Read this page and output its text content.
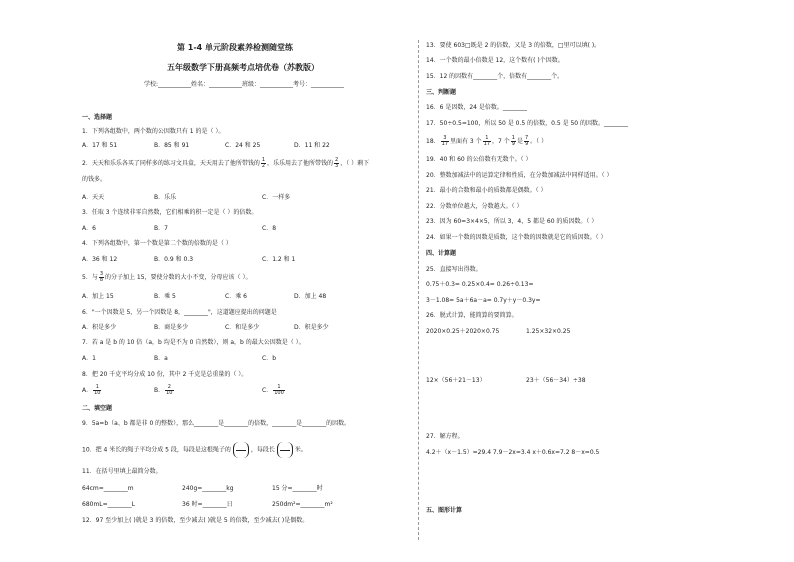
第 1-4 单元阶段素养检测随堂练
五年级数学下册高频考点培优卷（苏教版）
学校:___________姓名：___________班级：___________考号：___________
一、选择题
1．下列各组数中，两个数的公因数只有 1 的是（ ）。
A．17 和 51	B．85 和 91	C．24 和 25	D．11 和 22
2．天天和乐乐各买了同样多的练习文具盒，天天用去了他所带钱的 $\frac{1}{2}$ ，乐乐用去了他所带钱的 $\frac{2}{3}$ ，（ ）剩下
的钱多。
A．天天	B．乐乐	C．一样多
3．任取 3 个连续非零自然数，它们相乘的积一定是（ ）的倍数。
A．6	B．7	C．8
4．下列各组数中，第一个数是第二个数的倍数的是（ ）
A．36 和 12	B．0.9 和 0.3	C．1.2 和 1
5．与 $\frac{3}{8}$ 的分子加上 15，要使分数的大小不变，分母应该（ ）。
A．加上 15	B．乘 5	C．乘 6	D．加上 48
6．"一个因数是 5，另一个因数是 8，________"，这道题应提出的问题是
A．积是多少	B．商是多少	C．和是多少	D．积是多少
7．若 a 是 b 的 10 倍（a，b 均是不为 0 自然数），则 a，b 的最大公因数是（ ）。
A．1	B．a	C．b
8．把 20 千克平均分成 10 份，其中 2 千克是总重量的（ ）。
A． $\frac{1}{10}$	B． $\frac{2}{10}$	C． $\frac{1}{100}$
二、填空题
9．5a=b（a、b 都是非 0 的整数），那么________是________的倍数，________是________的因数。
10．把 4 米长的绳子平均分成 5 段，每段是这根绳子的	，每段长	米。
11．在括号里填上最简分数。
64cm=________m	240g=________kg	15 分=________时
680mL=________L	36 时=________日	250dm²=________m²
12．97 至少加上( )就是 3 的倍数，至少减去( )就是 5 的倍数，至少减去( )是偶数。
13．要使 603□既是 2 的倍数，又是 3 的倍数，□里可以填( )。
14．一个数的最小倍数是 12，这个数有( )个因数。
15．12 的因数有________个，倍数有________个。
三、判断题
16．6 是因数，24 是倍数。________
17．50÷0.5=100，所以 50 是 0.5 的倍数，0.5 是 50 的因数。________
18． $\frac{3}{17}$ 里面有 3 个 $\frac{1}{17}$ ，7 个 $\frac{1}{9}$ 是 $\frac{7}{9}$ 。（ ）
19．40 和 60 的公倍数有无数个。（ ）
20．整数加减法中的运算定律和性质，在分数加减法中同样适用。（ ）
21．最小的合数和最小的质数都是偶数。（ ）
22．分数单位越大，分数越大。（ ）
23．因为 60=3×4×5，所以 3，4，5 都是 60 的质因数。（ ）
24．如果一个数的因数是质数，这个数的因数就是它的质因数。（ ）
四、计算题
25．直接写出得数。
0.75＋0.3= 0.25×0.4= 0.26÷0.13=
3－1.08= 5a＋6a－a= 0.7y＋y－0.3y=
26．脱式计算，能简算的要简算。
2020×0.25＋2020×0.75	1.25×32×0.25
12×（56＋21－13）	23＋（56－34）÷38
27．解方程。
4.2＋（x－1.5）=29.4 7.9－2x=3.4 x＋0.6x=7.2 8－x=0.5
五、图形计算
